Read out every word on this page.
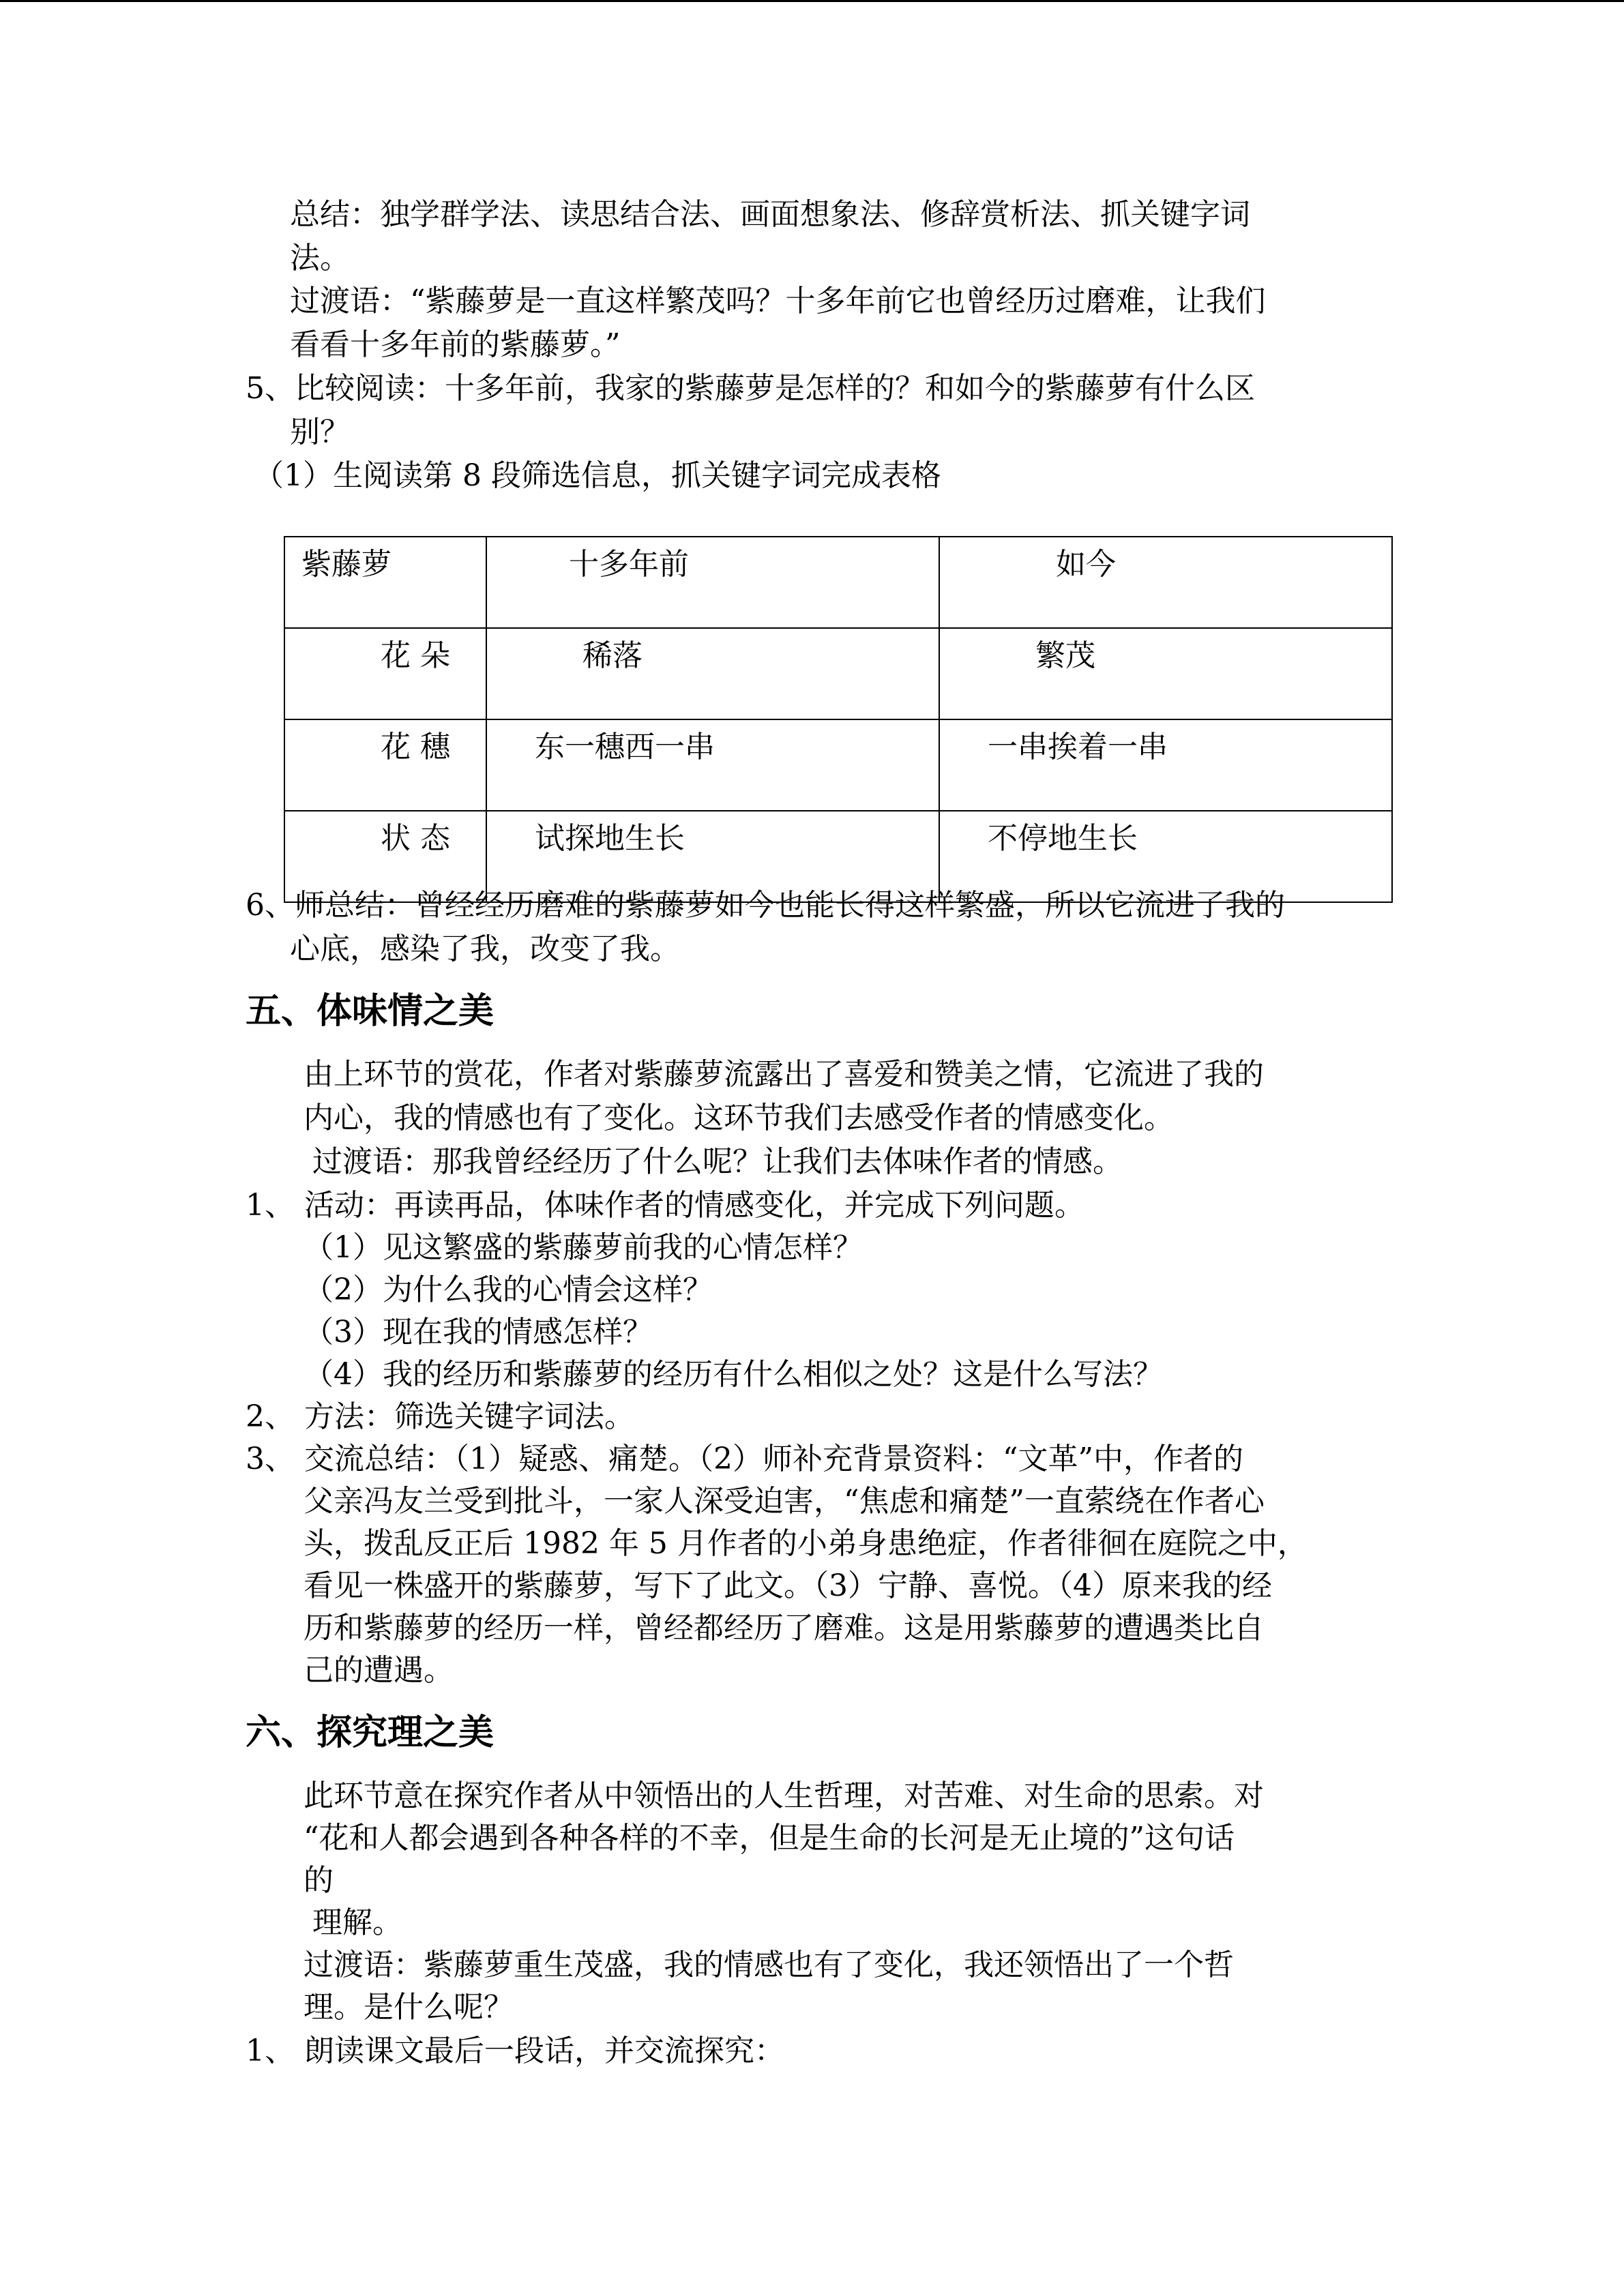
总结：独学群学法、读思结合法、画面想象法、修辞赏析法、抓关键字词

法。

过渡语：“紫藤萝是一直这样繁茂吗？十多年前它也曾经历过磨难，让我们

看看十多年前的紫藤萝。”

5、比较阅读：十多年前，我家的紫藤萝是怎样的？和如今的紫藤萝有什么区

别？

（1）生阅读第 8 段筛选信息，抓关键字词完成表格

紫藤萝	十多年前	如今
花 朵	稀落	繁茂
花 穗	东一穗西一串	一串挨着一串
状 态	试探地生长	不停地生长

6、师总结：曾经经历磨难的紫藤萝如今也能长得这样繁盛，所以它流进了我的

心底，感染了我，改变了我。

五、体味情之美

由上环节的赏花，作者对紫藤萝流露出了喜爱和赞美之情，它流进了我的

内心，我的情感也有了变化。这环节我们去感受作者的情感变化。

过渡语：那我曾经经历了什么呢？让我们去体味作者的情感。

1、 活动：再读再品，体味作者的情感变化，并完成下列问题。

（1）见这繁盛的紫藤萝前我的心情怎样？

（2）为什么我的心情会这样？

（3）现在我的情感怎样？

（4）我的经历和紫藤萝的经历有什么相似之处？这是什么写法？

2、 方法：筛选关键字词法。

3、 交流总结：（1）疑惑、痛楚。（2）师补充背景资料：“文革”中，作者的

父亲冯友兰受到批斗，一家人深受迫害，“焦虑和痛楚”一直萦绕在作者心

头，拨乱反正后 1982 年 5 月作者的小弟身患绝症，作者徘徊在庭院之中，

看见一株盛开的紫藤萝，写下了此文。（3）宁静、喜悦。（4）原来我的经

历和紫藤萝的经历一样，曾经都经历了磨难。这是用紫藤萝的遭遇类比自

己的遭遇。

六、探究理之美

此环节意在探究作者从中领悟出的人生哲理，对苦难、对生命的思索。对

“花和人都会遇到各种各样的不幸，但是生命的长河是无止境的”这句话

的

理解。

过渡语：紫藤萝重生茂盛，我的情感也有了变化，我还领悟出了一个哲

理。是什么呢？

1、 朗读课文最后一段话，并交流探究：
